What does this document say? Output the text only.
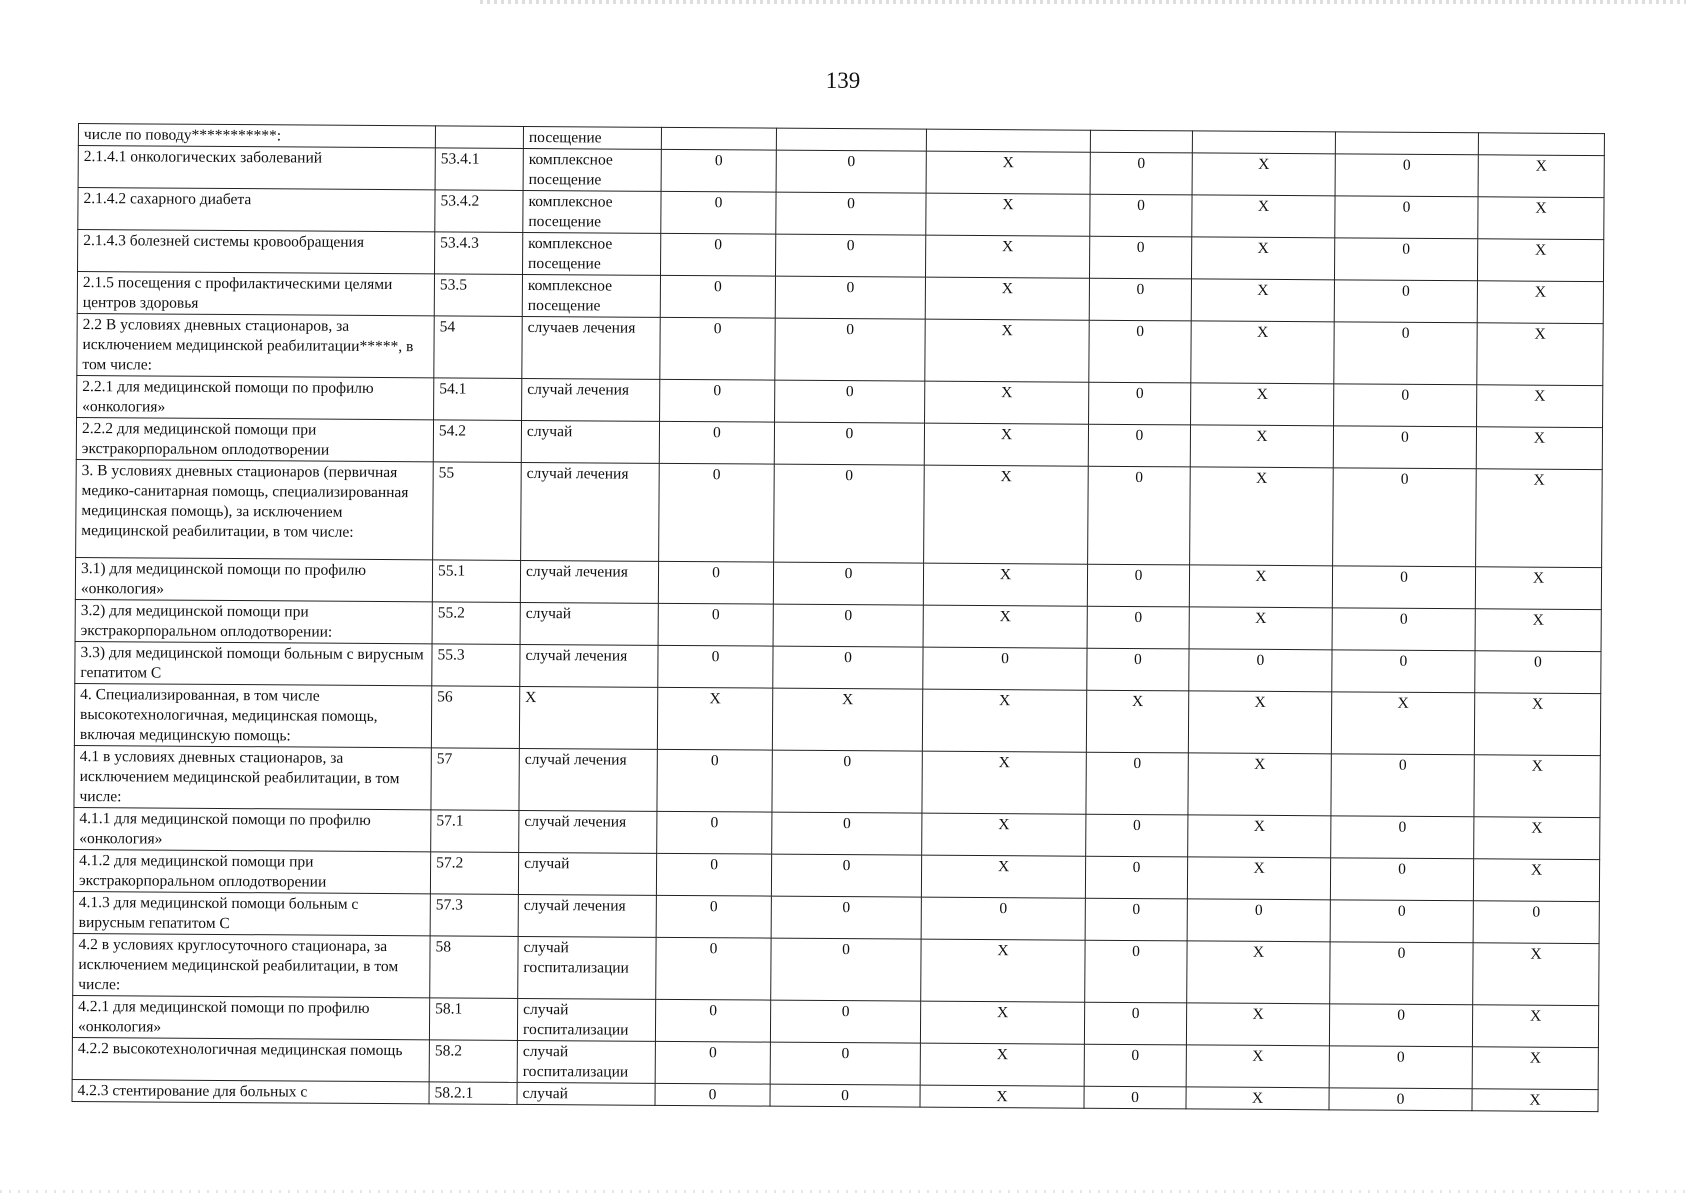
139
числе по поводу***********:		посещение							
2.1.4.1 онкологических заболеваний	53.4.1	комплексное посещение	0	0	X	0	X	0	X
2.1.4.2 сахарного диабета	53.4.2	комплексное посещение	0	0	X	0	X	0	X
2.1.4.3 болезней системы кровообращения	53.4.3	комплексное посещение	0	0	X	0	X	0	X
2.1.5 посещения с профилактическими целями центров здоровья	53.5	комплексное посещение	0	0	X	0	X	0	X
2.2 В условиях дневных стационаров, за исключением медицинской реабилитации*****, в том числе:	54	случаев лечения	0	0	X	0	X	0	X
2.2.1 для медицинской помощи по профилю «онкология»	54.1	случай лечения	0	0	X	0	X	0	X
2.2.2 для медицинской помощи при экстракорпоральном оплодотворении	54.2	случай	0	0	X	0	X	0	X
3. В условиях дневных стационаров (первичная медико-санитарная помощь, специализированная медицинская помощь), за исключением медицинской реабилитации, в том числе:	55	случай лечения	0	0	X	0	X	0	X
3.1) для медицинской помощи по профилю «онкология»	55.1	случай лечения	0	0	X	0	X	0	X
3.2) для медицинской помощи при экстракорпоральном оплодотворении:	55.2	случай	0	0	X	0	X	0	X
3.3) для медицинской помощи больным с вирусным гепатитом С	55.3	случай лечения	0	0	0	0	0	0	0
4. Специализированная, в том числе высокотехнологичная, медицинская помощь, включая медицинскую помощь:	56	X	X	X	X	X	X	X	X
4.1 в условиях дневных стационаров, за исключением медицинской реабилитации, в том числе:	57	случай лечения	0	0	X	0	X	0	X
4.1.1 для медицинской помощи по профилю «онкология»	57.1	случай лечения	0	0	X	0	X	0	X
4.1.2 для медицинской помощи при экстракорпоральном оплодотворении	57.2	случай	0	0	X	0	X	0	X
4.1.3 для медицинской помощи больным с вирусным гепатитом С	57.3	случай лечения	0	0	0	0	0	0	0
4.2 в условиях круглосуточного стационара, за исключением медицинской реабилитации, в том числе:	58	случай госпитализации	0	0	X	0	X	0	X
4.2.1 для медицинской помощи по профилю «онкология»	58.1	случай госпитализации	0	0	X	0	X	0	X
4.2.2 высокотехнологичная медицинская помощь	58.2	случай госпитализации	0	0	X	0	X	0	X
4.2.3 стентирование для больных с	58.2.1	случай	0	0	X	0	X	0	X
